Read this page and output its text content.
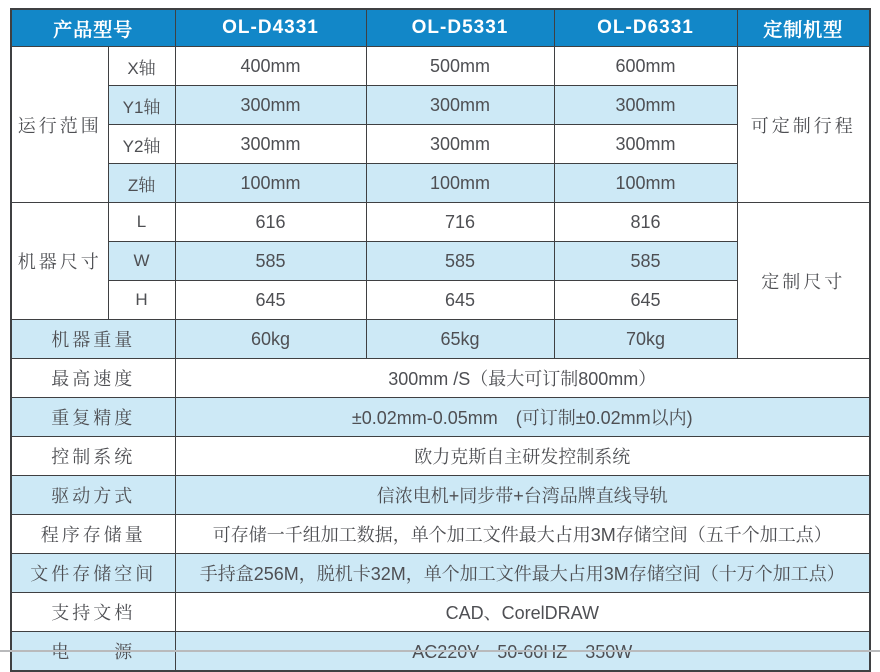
产品型号		OL-D4331	OL-D5331	OL-D6331	定制机型
运行范围	X轴	400mm	500mm	600mm	可定制行程
	Y1轴	300mm	300mm	300mm	
	Y2轴	300mm	300mm	300mm	
	Z轴	100mm	100mm	100mm	
机器尺寸	L	616	716	816	定制尺寸
	W	585	585	585	
	H	645	645	645	
机器重量		60kg	65kg	70kg	
最高速度		300mm /S（最大可订制800mm）			
重复精度		±0.02mm-0.05mm　(可订制±0.02mm以内)			
控制系统		欧力克斯自主研发控制系统			
驱动方式		信浓电机+同步带+台湾品牌直线导轨			
程序存储量		可存储一千组加工数据，单个加工文件最大占用3M存储空间（五千个加工点）			
文件存储空间		手持盒256M，脱机卡32M，单个加工文件最大占用3M存储空间（十万个加工点）			
支持文档		CAD、CorelDRAW			
电　　源		AC220V　50-60HZ　350W			
